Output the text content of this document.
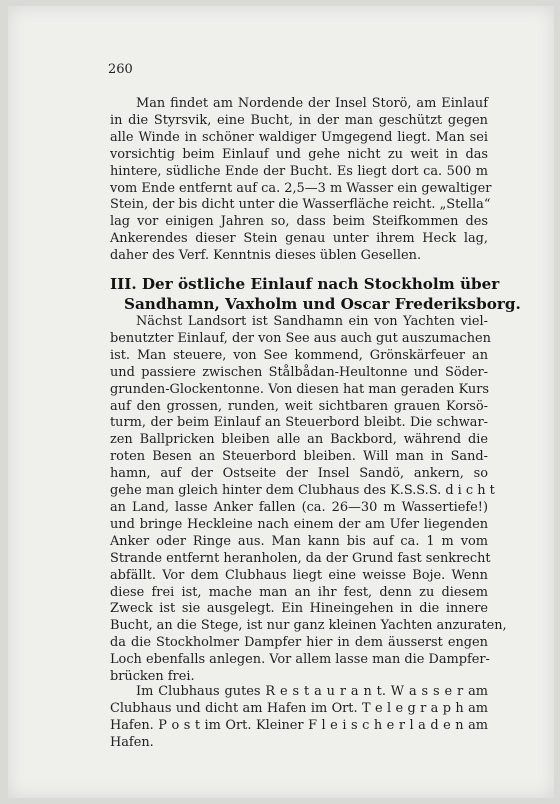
260
Man findet am Nordende der Insel Storö, am Einlauf
in die Styrsvik, eine Bucht, in der man geschützt gegen
alle Winde in schöner waldiger Umgegend liegt. Man sei
vorsichtig beim Einlauf und gehe nicht zu weit in das
hintere, südliche Ende der Bucht. Es liegt dort ca. 500 m
vom Ende entfernt auf ca. 2,5—3 m Wasser ein gewaltiger
Stein, der bis dicht unter die Wasserfläche reicht. „Stella“
lag vor einigen Jahren so, dass beim Steifkommen des
Ankerendes dieser Stein genau unter ihrem Heck lag,
daher des Verf. Kenntnis dieses üblen Gesellen.
III. Der östliche Einlauf nach Stockholm über
Sandhamn, Vaxholm und Oscar Frederiksborg.
Nächst Landsort ist Sandhamn ein von Yachten viel-
benutzter Einlauf, der von See aus auch gut auszumachen
ist. Man steuere, von See kommend, Grönskärfeuer an
und passiere zwischen Stålbådan-Heultonne und Söder-
grunden-Glockentonne. Von diesen hat man geraden Kurs
auf den grossen, runden, weit sichtbaren grauen Korsö-
turm, der beim Einlauf an Steuerbord bleibt. Die schwar-
zen Ballpricken bleiben alle an Backbord, während die
roten Besen an Steuerbord bleiben. Will man in Sand-
hamn, auf der Ostseite der Insel Sandö, ankern, so
gehe man gleich hinter dem Clubhaus des K.S.S.S. d i c h t
an Land, lasse Anker fallen (ca. 26—30 m Wassertiefe!)
und bringe Heckleine nach einem der am Ufer liegenden
Anker oder Ringe aus. Man kann bis auf ca. 1 m vom
Strande entfernt heranholen, da der Grund fast senkrecht
abfällt. Vor dem Clubhaus liegt eine weisse Boje. Wenn
diese frei ist, mache man an ihr fest, denn zu diesem
Zweck ist sie ausgelegt. Ein Hineingehen in die innere
Bucht, an die Stege, ist nur ganz kleinen Yachten anzuraten,
da die Stockholmer Dampfer hier in dem äusserst engen
Loch ebenfalls anlegen. Vor allem lasse man die Dampfer-
brücken frei.
Im Clubhaus gutes R e s t a u r a n t. W a s s e r am
Clubhaus und dicht am Hafen im Ort. T e l e g r a p h am
Hafen. P o s t im Ort. Kleiner F l e i s c h e r l a d e n am
Hafen.
